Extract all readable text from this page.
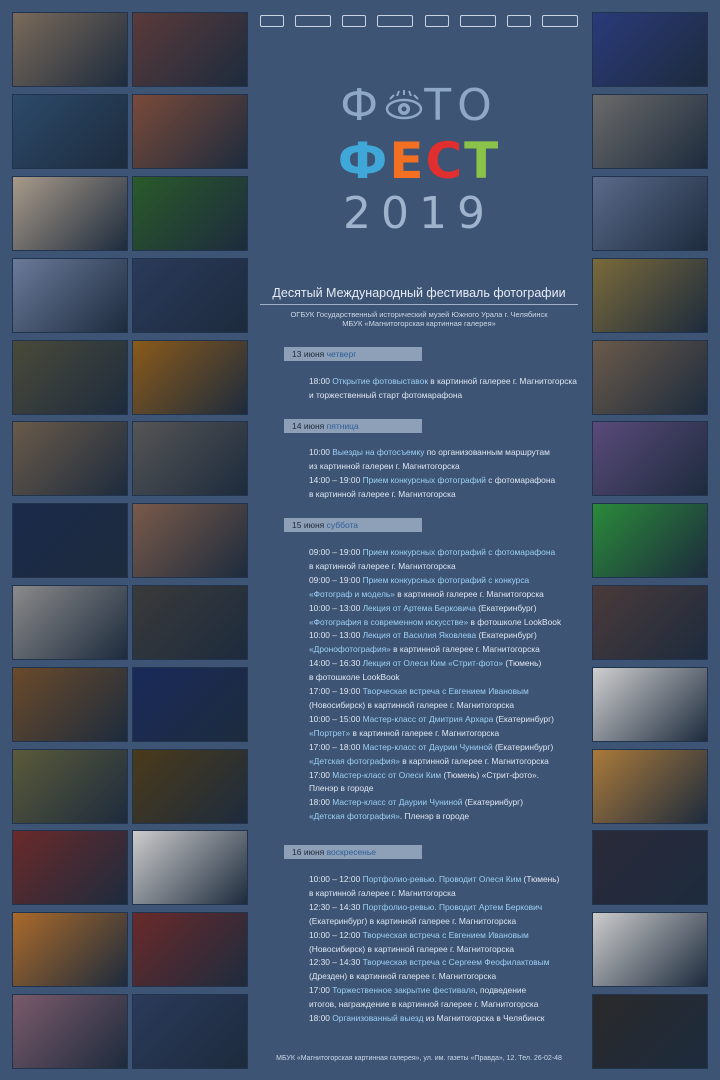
Ф ТО
ФЕСТ
2019
Десятый Международный фестиваль фотографии
ОГБУК Государственный исторический музей Южного Урала г. Челябинск
МБУК «Магнитогорская картинная галерея»
13 июня четверг
18:00 Открытие фотовыставок в картинной галерее г. Магнитогорска
и торжественный старт фотомарафона
14 июня пятница
10:00 Выезды на фотосъемку по организованным маршрутам
из картинной галереи г. Магнитогорска
14:00 – 19:00 Прием конкурсных фотографий с фотомарафона
в картинной галерее г. Магнитогорска
15 июня суббота
09:00 – 19:00 Прием конкурсных фотографий с фотомарафона
в картинной галерее г. Магнитогорска
09:00 – 19:00 Прием конкурсных фотографий с конкурса
«Фотограф и модель» в картинной галерее г. Магнитогорска
10:00 – 13:00 Лекция от Артема Берковича (Екатеринбург)
«Фотография в современном искусстве» в фотошколе LookBook
10:00 – 13:00 Лекция от Василия Яковлева (Екатеринбург)
«Дронофотография» в картинной галерее г. Магнитогорска
14:00 – 16:30 Лекция от Олеси Ким «Стрит-фото» (Тюмень)
в фотошколе LookBook
17:00 – 19:00 Творческая встреча с Евгением Ивановым
(Новосибирск) в картинной галерее г. Магнитогорска
10:00 – 15:00 Мастер-класс от Дмитрия Архара (Екатеринбург)
«Портрет» в картинной галерее г. Магнитогорска
17:00 – 18:00 Мастер-класс от Даурии Чуниной (Екатеринбург)
«Детская фотография» в картинной галерее г. Магнитогорска
17:00 Мастер-класс от Олеси Ким (Тюмень) «Стрит-фото».
Пленэр в городе
18:00 Мастер-класс от Даурии Чуниной (Екатеринбург)
«Детская фотография». Пленэр в городе
16 июня воскресенье
10:00 – 12:00 Портфолио-ревью. Проводит Олеся Ким (Тюмень)
в картинной галерее г. Магнитогорска
12:30 – 14:30 Портфолио-ревью. Проводит Артем Беркович
(Екатеринбург) в картинной галерее г. Магнитогорска
10:00 – 12:00 Творческая встреча с Евгением Ивановым
(Новосибирск) в картинной галерее г. Магнитогорска
12:30 – 14:30 Творческая встреча с Сергеем Феофилактовым
(Дрезден) в картинной галерее г. Магнитогорска
17:00 Торжественное закрытие фестиваля, подведение
итогов, награждение в картинной галерее г. Магнитогорска
18:00 Организованный выезд из Магнитогорска в Челябинск
МБУК «Магнитогорская картинная галерея», ул. им. газеты «Правда», 12. Тел. 26-02-48
